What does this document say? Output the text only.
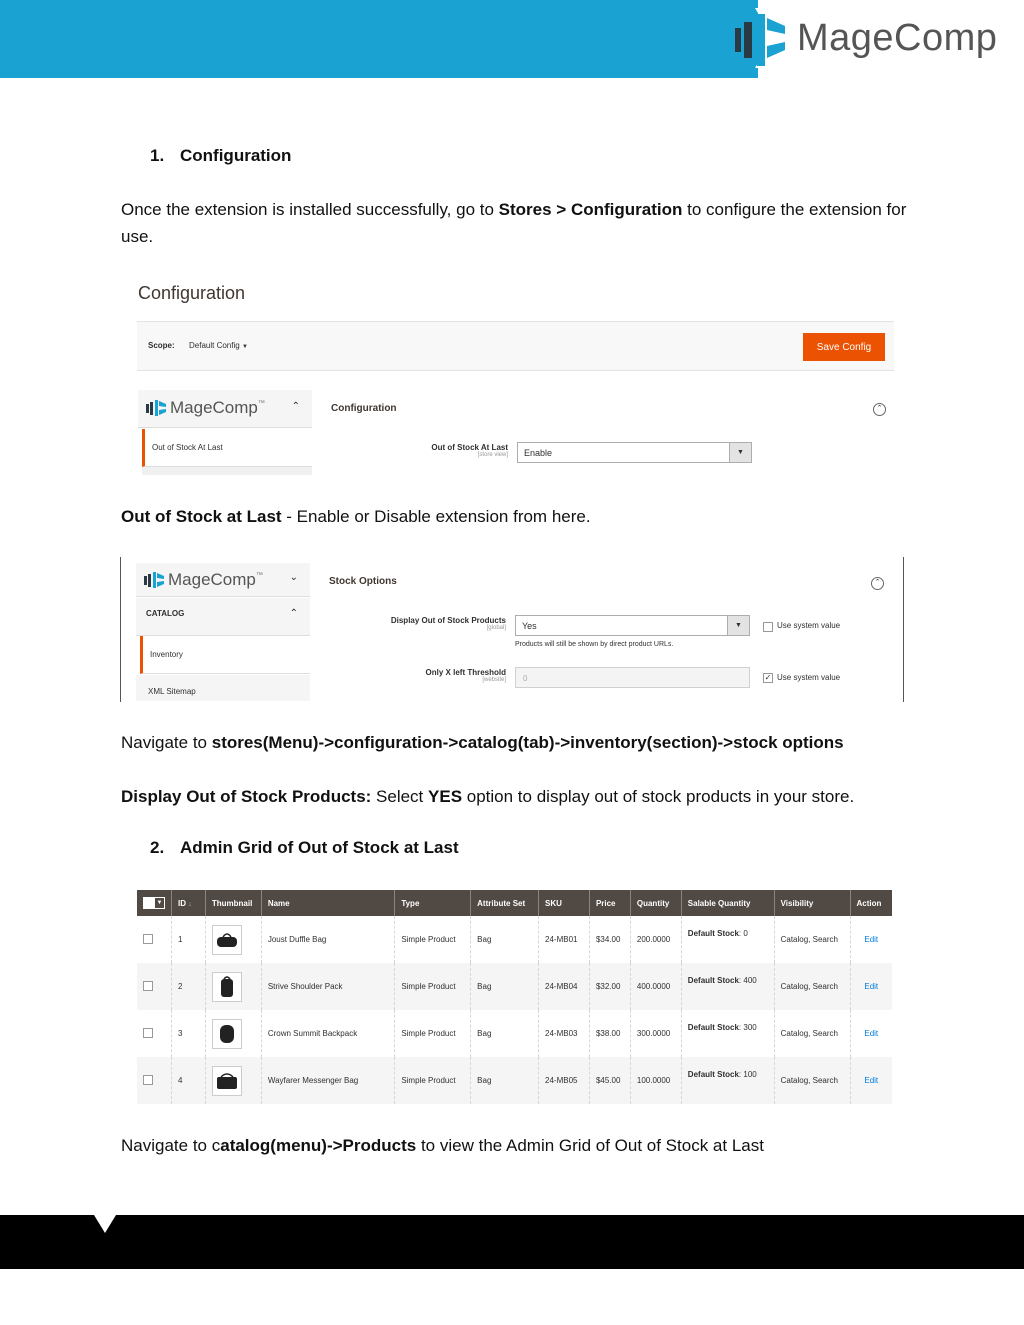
MageComp
1. Configuration
Once the extension is installed successfully, go to Stores > Configuration to configure the extension for use.
Configuration
Scope: Default Config ▼	Save Config
MageComp ™	⌃
Out of Stock At Last
Configuration	⌃
Out of Stock At Last
[store view] Enable	▼
Out of Stock at Last - Enable or Disable extension from here.
MageComp ™	⌄
CATALOG	⌃
Inventory
XML Sitemap
Stock Options	⌃
Display Out of Stock Products
[global] Yes	▼
Products will still be shown by direct product URLs.
Use system value
Only X left Threshold
[website]	0	✓ Use system value
Navigate to stores(Menu)->configuration->catalog(tab)->inventory(section)->stock options
Display Out of Stock Products: Select YES option to display out of stock products in your store.
2. Admin Grid of Out of Stock at Last
▼	ID ↓	Thumbnail	Name	Type	Attribute Set	SKU	Price	Quantity	Salable Quantity	Visibility	Action
	1		Joust Duffle Bag	Simple Product	Bag	24-MB01	$34.00	200.0000	Default Stock: 0	Catalog, Search	Edit
	2		Strive Shoulder Pack	Simple Product	Bag	24-MB04	$32.00	400.0000	Default Stock: 400	Catalog, Search	Edit
	3		Crown Summit Backpack	Simple Product	Bag	24-MB03	$38.00	300.0000	Default Stock: 300	Catalog, Search	Edit
	4		Wayfarer Messenger Bag	Simple Product	Bag	24-MB05	$45.00	100.0000	Default Stock: 100	Catalog, Search	Edit
Navigate to catalog(menu)->Products to view the Admin Grid of Out of Stock at Last
